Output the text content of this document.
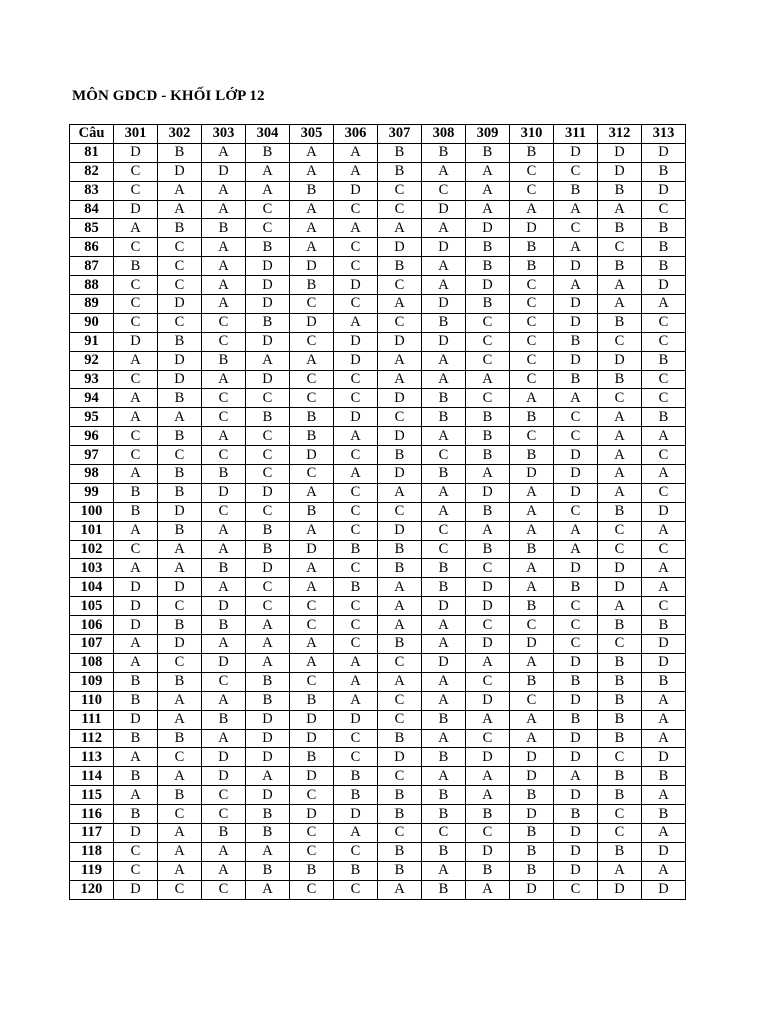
MÔN GDCD - KHỐI LỚP 12
Câu	301	302	303	304	305	306	307	308	309	310	311	312	313
81	D	B	A	B	A	A	B	B	B	B	D	D	D
82	C	D	D	A	A	A	B	A	A	C	C	D	B
83	C	A	A	A	B	D	C	C	A	C	B	B	D
84	D	A	A	C	A	C	C	D	A	A	A	A	C
85	A	B	B	C	A	A	A	A	D	D	C	B	B
86	C	C	A	B	A	C	D	D	B	B	A	C	B
87	B	C	A	D	D	C	B	A	B	B	D	B	B
88	C	C	A	D	B	D	C	A	D	C	A	A	D
89	C	D	A	D	C	C	A	D	B	C	D	A	A
90	C	C	C	B	D	A	C	B	C	C	D	B	C
91	D	B	C	D	C	D	D	D	C	C	B	C	C
92	A	D	B	A	A	D	A	A	C	C	D	D	B
93	C	D	A	D	C	C	A	A	A	C	B	B	C
94	A	B	C	C	C	C	D	B	C	A	A	C	C
95	A	A	C	B	B	D	C	B	B	B	C	A	B
96	C	B	A	C	B	A	D	A	B	C	C	A	A
97	C	C	C	C	D	C	B	C	B	B	D	A	C
98	A	B	B	C	C	A	D	B	A	D	D	A	A
99	B	B	D	D	A	C	A	A	D	A	D	A	C
100	B	D	C	C	B	C	C	A	B	A	C	B	D
101	A	B	A	B	A	C	D	C	A	A	A	C	A
102	C	A	A	B	D	B	B	C	B	B	A	C	C
103	A	A	B	D	A	C	B	B	C	A	D	D	A
104	D	D	A	C	A	B	A	B	D	A	B	D	A
105	D	C	D	C	C	C	A	D	D	B	C	A	C
106	D	B	B	A	C	C	A	A	C	C	C	B	B
107	A	D	A	A	A	C	B	A	D	D	C	C	D
108	A	C	D	A	A	A	C	D	A	A	D	B	D
109	B	B	C	B	C	A	A	A	C	B	B	B	B
110	B	A	A	B	B	A	C	A	D	C	D	B	A
111	D	A	B	D	D	D	C	B	A	A	B	B	A
112	B	B	A	D	D	C	B	A	C	A	D	B	A
113	A	C	D	D	B	C	D	B	D	D	D	C	D
114	B	A	D	A	D	B	C	A	A	D	A	B	B
115	A	B	C	D	C	B	B	B	A	B	D	B	A
116	B	C	C	B	D	D	B	B	B	D	B	C	B
117	D	A	B	B	C	A	C	C	C	B	D	C	A
118	C	A	A	A	C	C	B	B	D	B	D	B	D
119	C	A	A	B	B	B	B	A	B	B	D	A	A
120	D	C	C	A	C	C	A	B	A	D	C	D	D
